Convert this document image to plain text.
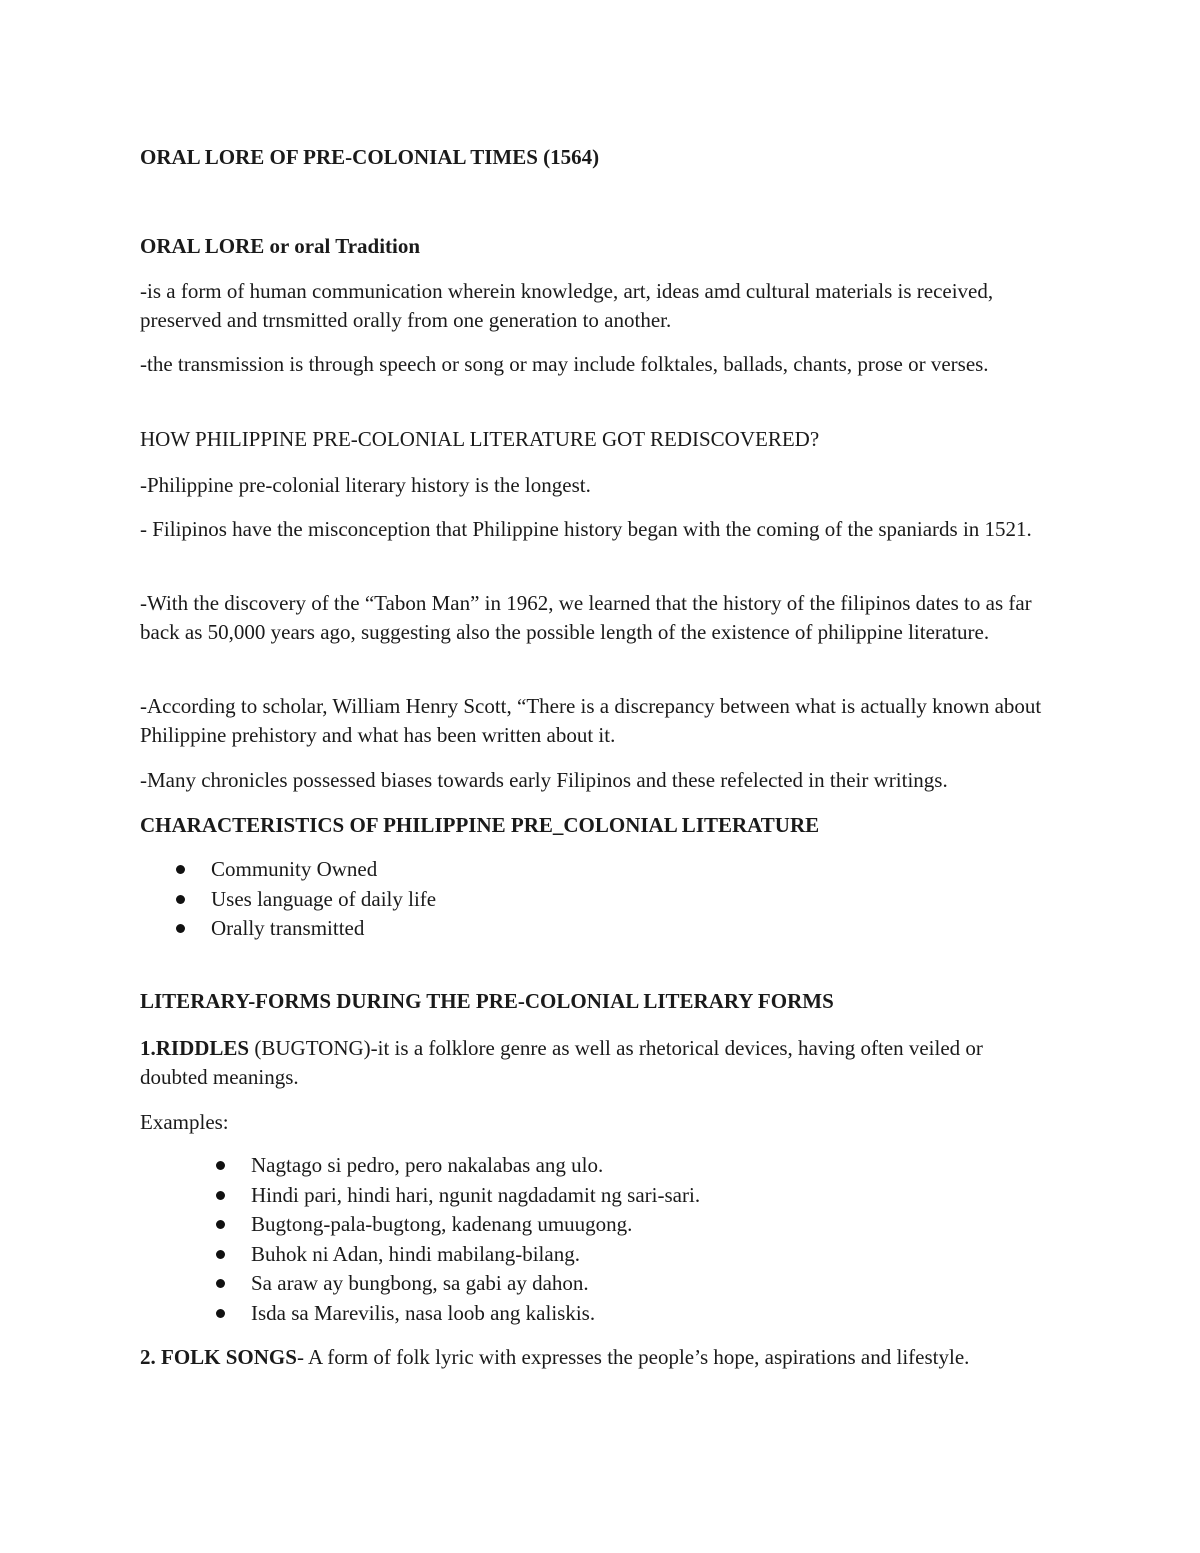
ORAL LORE OF PRE-COLONIAL TIMES (1564)

ORAL LORE or oral Tradition

-is a form of human communication wherein knowledge, art, ideas amd cultural materials is received, preserved and trnsmitted orally from one generation to another.

-the transmission is through speech or song or may include folktales, ballads, chants, prose or verses.

HOW PHILIPPINE PRE-COLONIAL LITERATURE GOT REDISCOVERED?

-Philippine pre-colonial literary history is the longest.

- Filipinos have the misconception that Philippine history began with the coming of the spaniards in 1521.

-With the discovery of the “Tabon Man” in 1962, we learned that the history of the filipinos dates to as far back as 50,000 years ago, suggesting also the possible length of the existence of philippine literature.

-According to scholar, William Henry Scott, “There is a discrepancy between what is actually known about Philippine prehistory and what has been written about it.

-Many chronicles possessed biases towards early Filipinos and these refelected in their writings.

CHARACTERISTICS OF PHILIPPINE PRE_COLONIAL LITERATURE

Community Owned
Uses language of daily life
Orally transmitted

LITERARY-FORMS DURING THE PRE-COLONIAL LITERARY FORMS

1.RIDDLES (BUGTONG)-it is a folklore genre as well as rhetorical devices, having often veiled or doubted meanings.

Examples:

Nagtago si pedro, pero nakalabas ang ulo.
Hindi pari, hindi hari, ngunit nagdadamit ng sari-sari.
Bugtong-pala-bugtong, kadenang umuugong.
Buhok ni Adan, hindi mabilang-bilang.
Sa araw ay bungbong, sa gabi ay dahon.
Isda sa Marevilis, nasa loob ang kaliskis.

2. FOLK SONGS- A form of folk lyric with expresses the people’s hope, aspirations and lifestyle.
